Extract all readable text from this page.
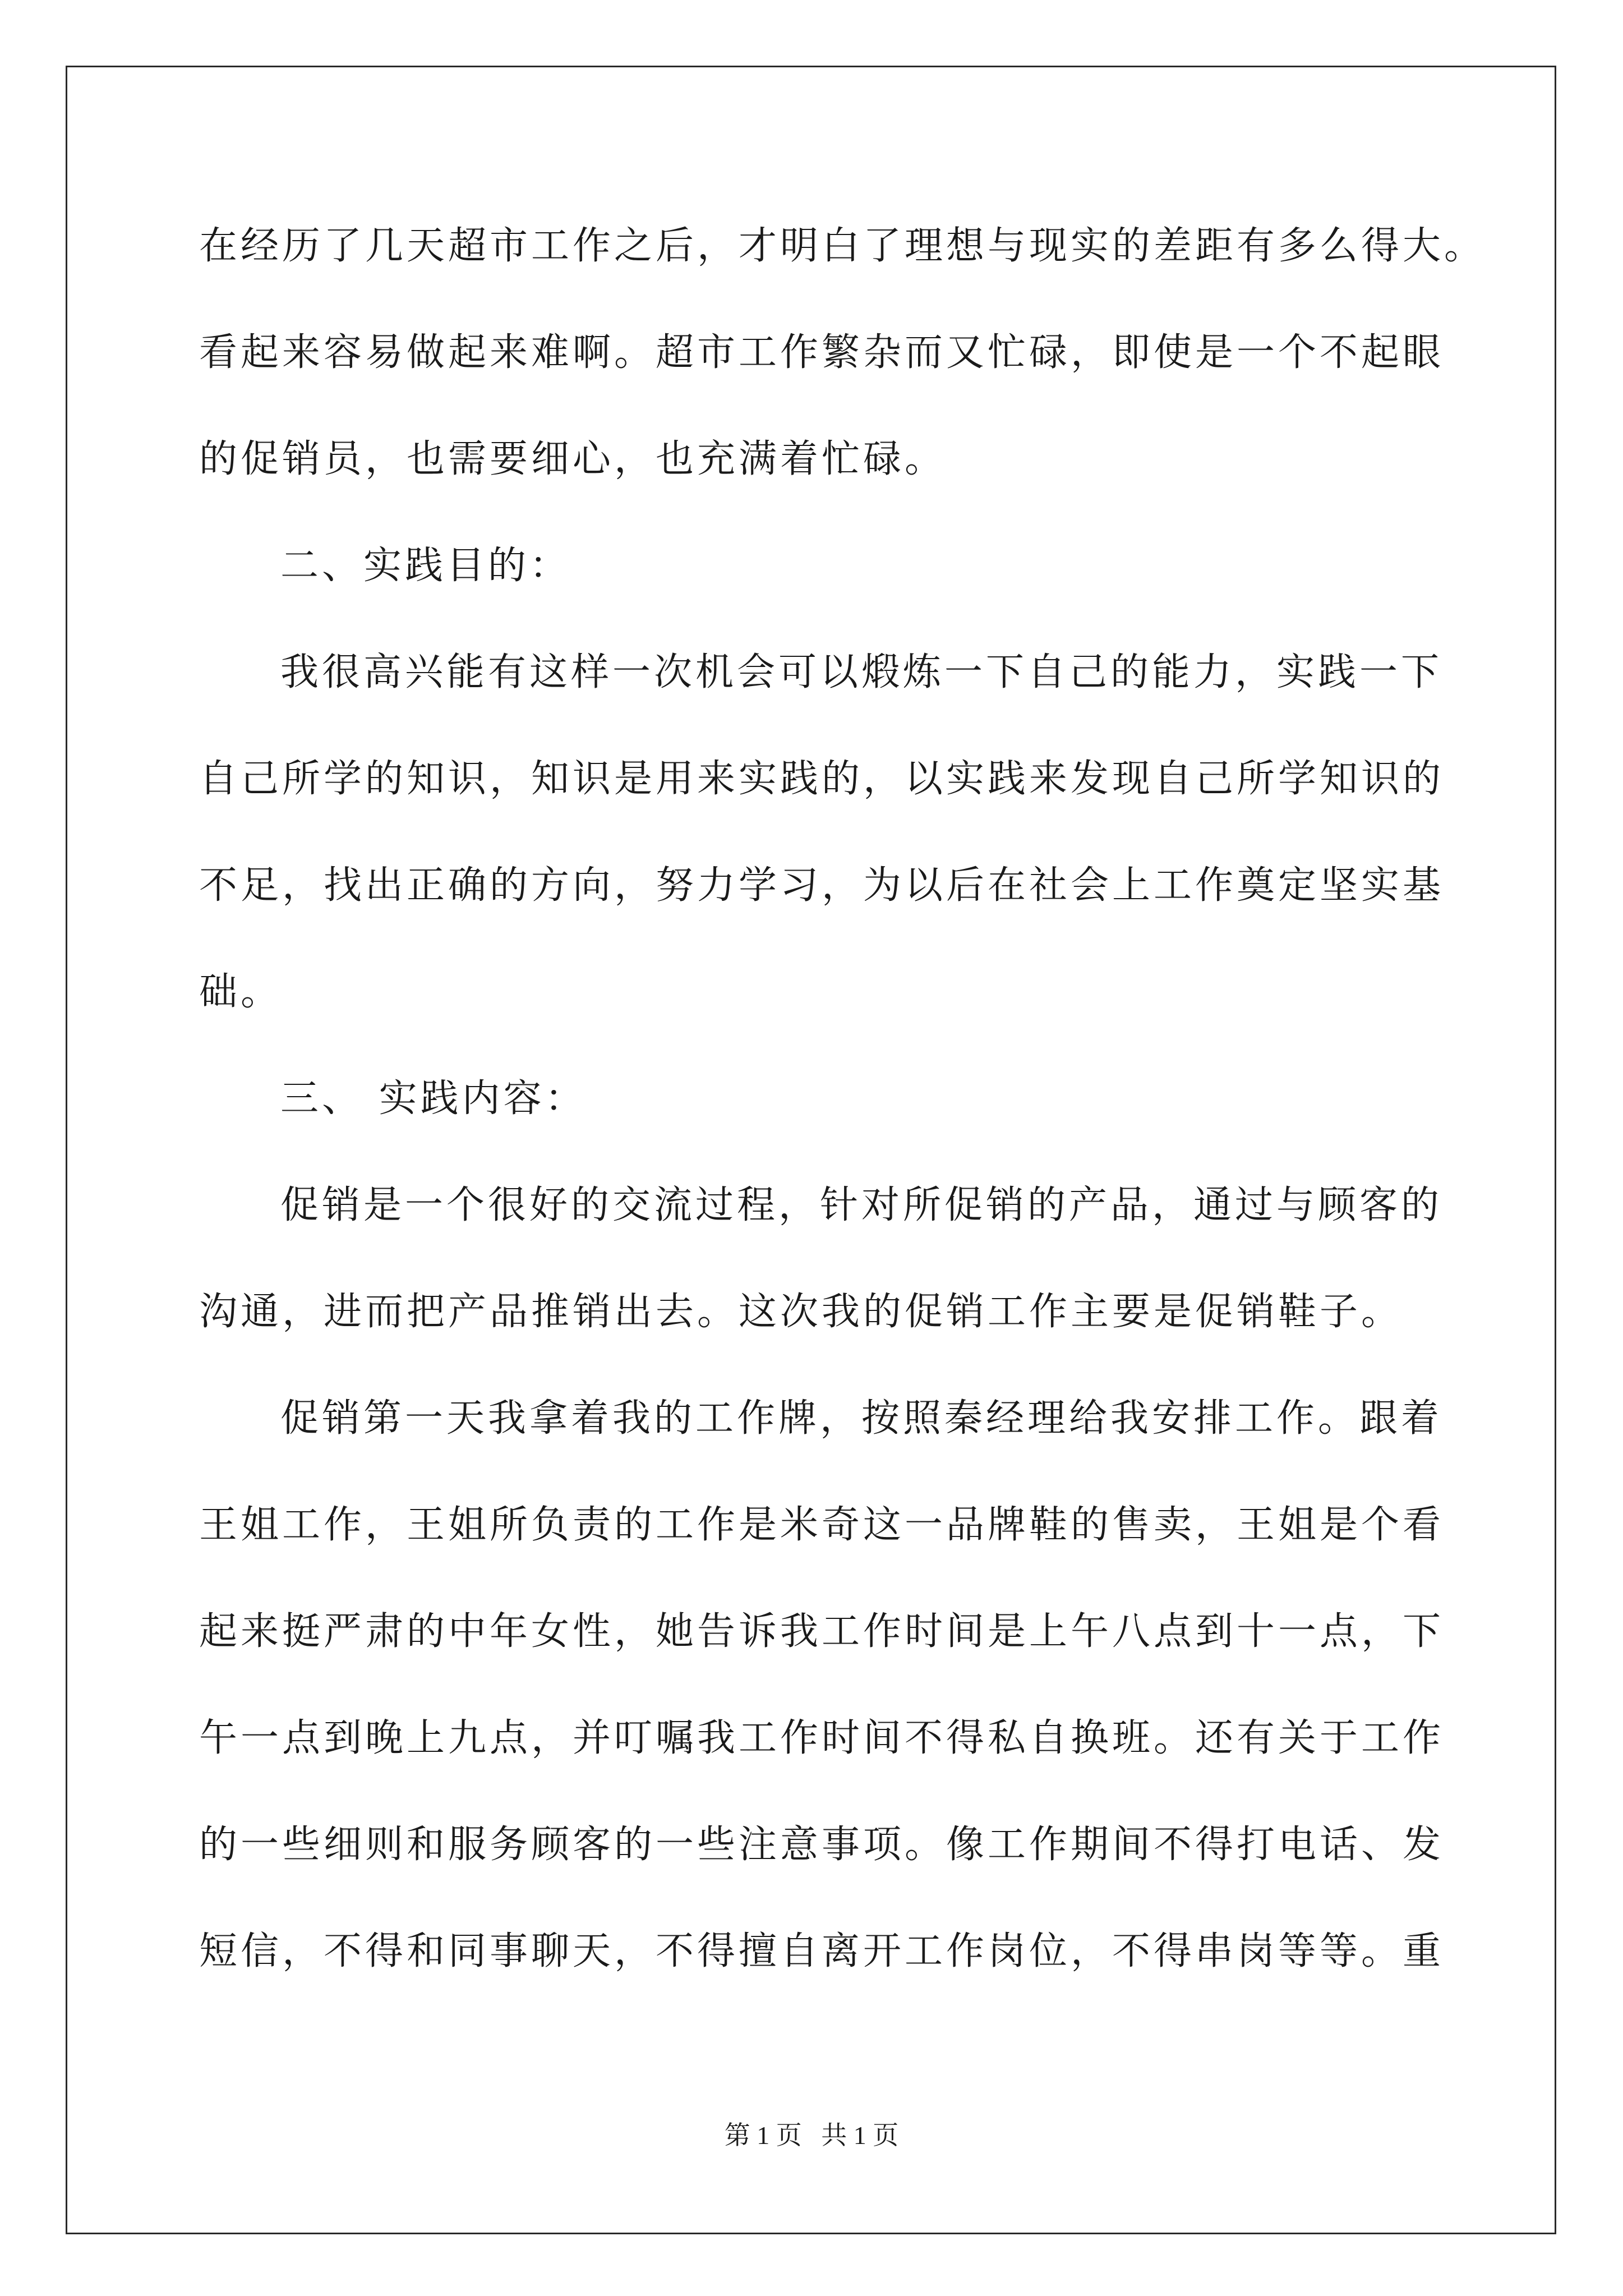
在经历了几天超市工作之后，才明白了理想与现实的差距有多么得大。
看起来容易做起来难啊。超市工作繁杂而又忙碌，即使是一个不起眼
的促销员，也需要细心，也充满着忙碌。
二、实践目的：
我很高兴能有这样一次机会可以煅炼一下自己的能力，实践一下
自己所学的知识，知识是用来实践的，以实践来发现自己所学知识的
不足，找出正确的方向，努力学习，为以后在社会上工作奠定坚实基
础。
三、 实践内容：
促销是一个很好的交流过程，针对所促销的产品，通过与顾客的
沟通，进而把产品推销出去。这次我的促销工作主要是促销鞋子。
促销第一天我拿着我的工作牌，按照秦经理给我安排工作。跟着
王姐工作，王姐所负责的工作是米奇这一品牌鞋的售卖，王姐是个看
起来挺严肃的中年女性，她告诉我工作时间是上午八点到十一点，下
午一点到晚上九点，并叮嘱我工作时间不得私自换班。还有关于工作
的一些细则和服务顾客的一些注意事项。像工作期间不得打电话、发
短信，不得和同事聊天，不得擅自离开工作岗位，不得串岗等等。重
第 1 页   共 1 页
